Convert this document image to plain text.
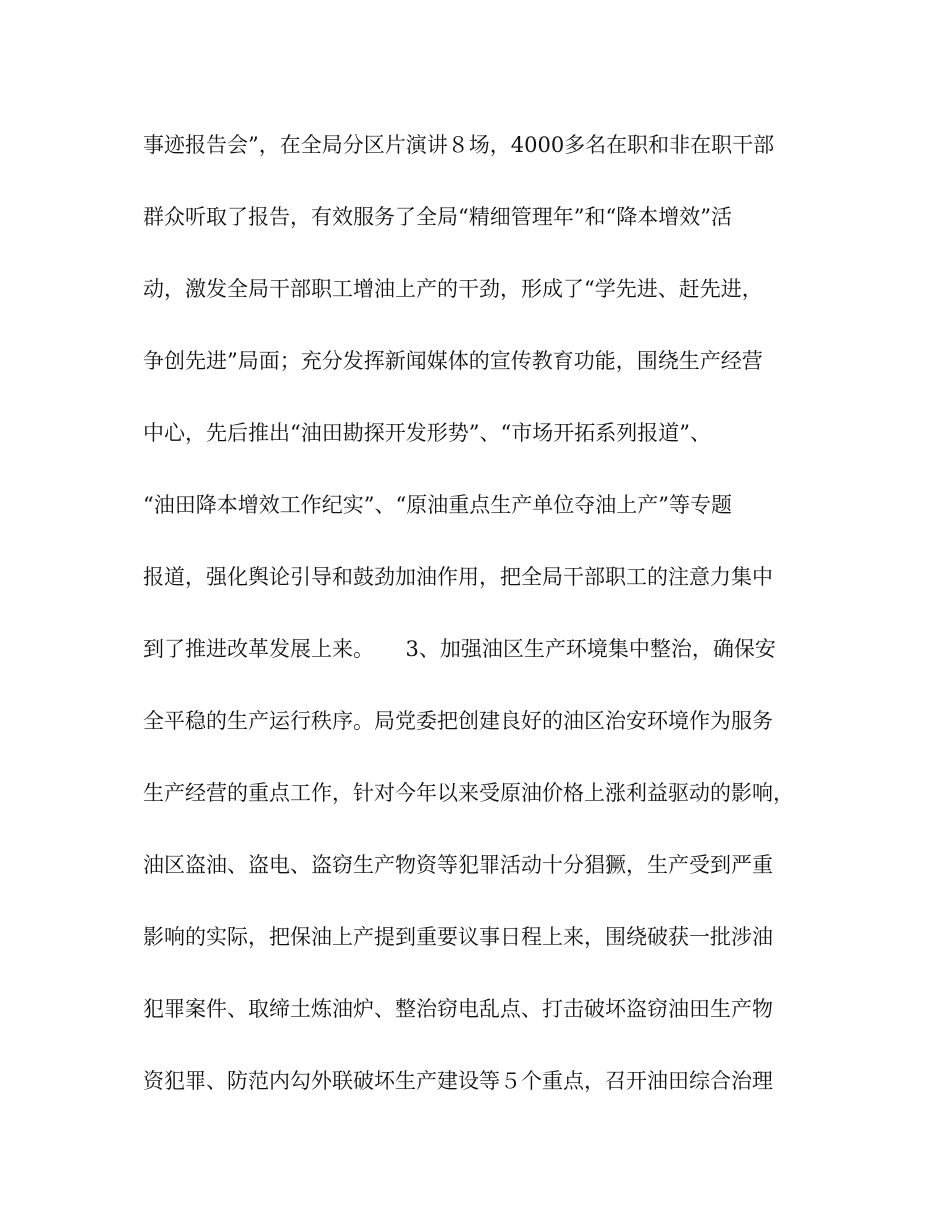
事迹报告会”，在全局分区片演讲８场，4000多名在职和非在职干部
群众听取了报告，有效服务了全局“精细管理年”和“降本增效”活
动，激发全局干部职工增油上产的干劲，形成了“学先进、赶先进，
争创先进”局面；充分发挥新闻媒体的宣传教育功能，围绕生产经营
中心，先后推出“油田勘探开发形势”、“市场开拓系列报道”、
“油田降本增效工作纪实”、“原油重点生产单位夺油上产”等专题
报道，强化舆论引导和鼓劲加油作用，把全局干部职工的注意力集中
到了推进改革发展上来。　　3、加强油区生产环境集中整治，确保安
全平稳的生产运行秩序。局党委把创建良好的油区治安环境作为服务
生产经营的重点工作，针对今年以来受原油价格上涨利益驱动的影响，
油区盗油、盗电、盗窃生产物资等犯罪活动十分猖獗，生产受到严重
影响的实际，把保油上产提到重要议事日程上来，围绕破获一批涉油
犯罪案件、取缔土炼油炉、整治窃电乱点、打击破坏盗窃油田生产物
资犯罪、防范内勾外联破坏生产建设等５个重点，召开油田综合治理
